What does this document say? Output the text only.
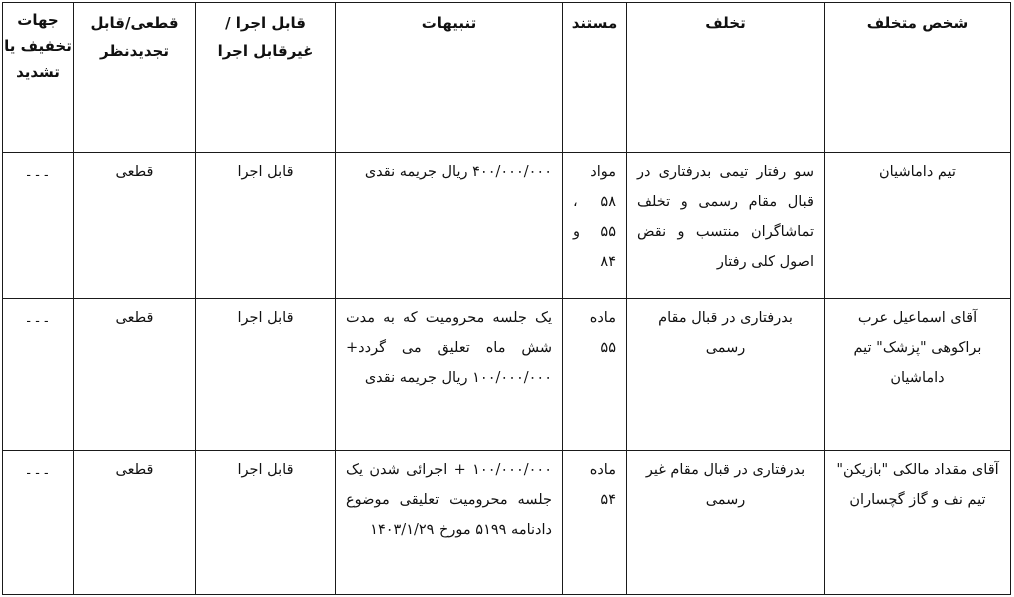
جهات تخفیف یا تشدید	قطعی/قابل تجدیدنظر	قابل اجرا /غیرقابل اجرا	تنبیهات	مستند	تخلف	شخص متخلف

---	قطعی	قابل اجرا	۴۰۰/۰۰۰/۰۰۰ ریال جریمه نقدی	مواد ۵۸ ، ۵۵ و ۸۴	سو رفتار تیمی بدرفتاری در قبال مقام رسمی و تخلف تماشاگران منتسب و نقض اصول کلی رفتار	تیم داماشیان

---	قطعی	قابل اجرا	یک جلسه محرومیت که به مدت شش ماه تعلیق می گردد+ ۱۰۰/۰۰۰/۰۰۰ ریال جریمه نقدی	ماده ۵۵	بدرفتاری در قبال مقام رسمی	آقای اسماعیل عرب براکوهی "پزشک" تیم داماشیان

---	قطعی	قابل اجرا	۱۰۰/۰۰۰/۰۰۰ + اجرائی شدن یک جلسه محرومیت تعلیقی موضوع دادنامه ۵۱۹۹ مورخ ۱۴۰۳/۱/۲۹	ماده ۵۴	بدرفتاری در قبال مقام غیر رسمی	آقای مقداد مالکی "بازیکن" تیم نف و گاز گچساران
